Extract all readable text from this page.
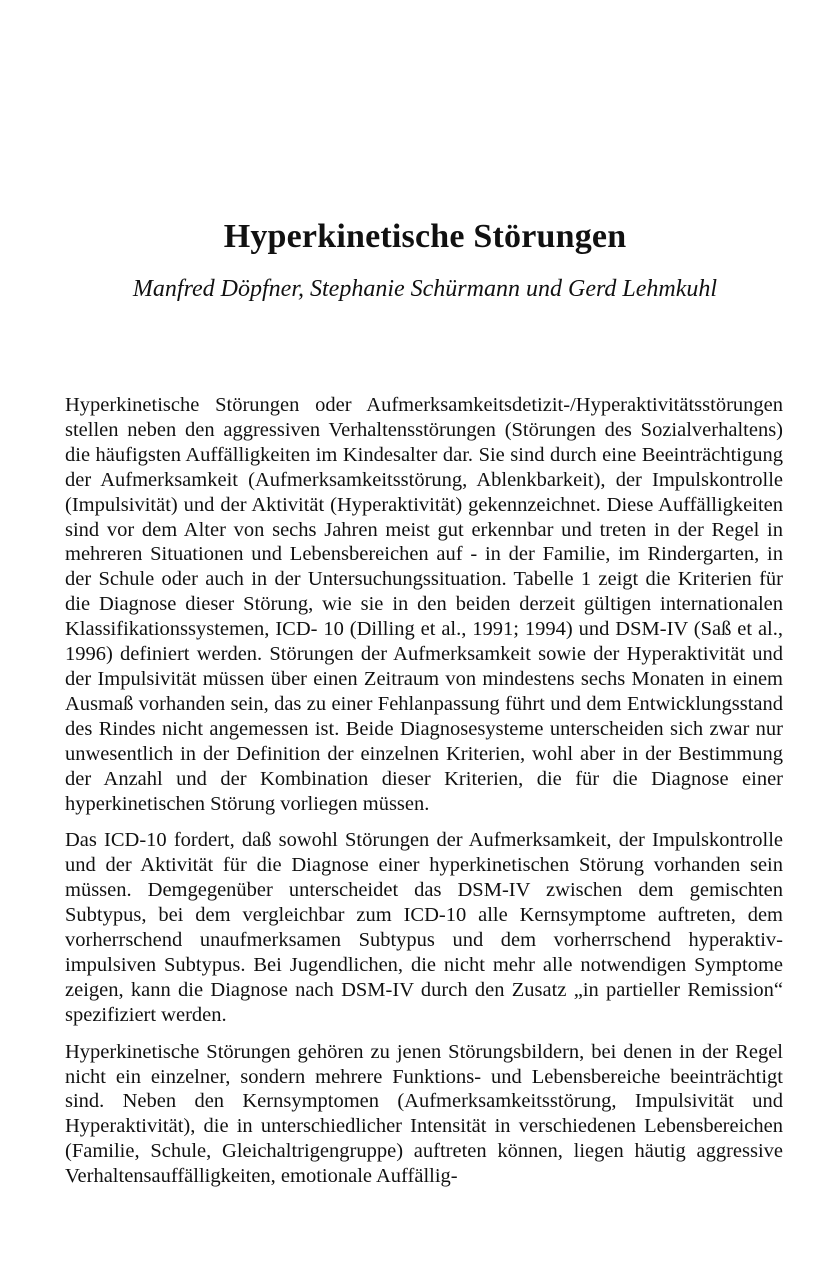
Hyperkinetische Störungen

Manfred Döpfner, Stephanie Schürmann und Gerd Lehmkuhl

Hyperkinetische Störungen oder Aufmerksamkeitsdetizit-/Hyperaktivitätsstörungen stellen neben den aggressiven Verhaltensstörungen (Störungen des Sozialverhaltens) die häufigsten Auffälligkeiten im Kindesalter dar. Sie sind durch eine Beeinträchtigung der Aufmerksamkeit (Aufmerksamkeitsstörung, Ablenkbarkeit), der Impulskontrolle (Impulsivität) und der Aktivität (Hyperaktivität) gekennzeichnet. Diese Auffälligkeiten sind vor dem Alter von sechs Jahren meist gut erkennbar und treten in der Regel in mehreren Situationen und Lebensbereichen auf - in der Familie, im Rindergarten, in der Schule oder auch in der Untersuchungssituation. Tabelle 1 zeigt die Kriterien für die Diagnose dieser Störung, wie sie in den beiden derzeit gültigen internationalen Klassifikationssystemen, ICD- 10 (Dilling et al., 1991; 1994) und DSM-IV (Saß et al., 1996) definiert werden. Störungen der Aufmerksamkeit sowie der Hyperaktivität und der Impulsivität müssen über einen Zeitraum von mindestens sechs Monaten in einem Ausmaß vorhanden sein, das zu einer Fehlanpassung führt und dem Entwicklungsstand des Rindes nicht angemessen ist. Beide Diagnosesysteme unterscheiden sich zwar nur unwesentlich in der Definition der einzelnen Kriterien, wohl aber in der Bestimmung der Anzahl und der Kombination dieser Kriterien, die für die Diagnose einer hyperkinetischen Störung vorliegen müssen.

Das ICD-10 fordert, daß sowohl Störungen der Aufmerksamkeit, der Impulskontrolle und der Aktivität für die Diagnose einer hyperkinetischen Störung vorhanden sein müssen. Demgegenüber unterscheidet das DSM-IV zwischen dem gemischten Subtypus, bei dem vergleichbar zum ICD-10 alle Kernsymptome auftreten, dem vorherrschend unaufmerksamen Subtypus und dem vorherrschend hyperaktiv-impulsiven Subtypus. Bei Jugendlichen, die nicht mehr alle notwendigen Symptome zeigen, kann die Diagnose nach DSM-IV durch den Zusatz „in partieller Remission“ spezifiziert werden.

Hyperkinetische Störungen gehören zu jenen Störungsbildern, bei denen in der Regel nicht ein einzelner, sondern mehrere Funktions- und Lebensbereiche beeinträchtigt sind. Neben den Kernsymptomen (Aufmerksamkeitsstörung, Impulsivität und Hyperaktivität), die in unterschiedlicher Intensität in verschiedenen Lebensbereichen (Familie, Schule, Gleichaltrigengruppe) auftreten können, liegen häutig aggressive Verhaltensauffälligkeiten, emotionale Auffällig-
